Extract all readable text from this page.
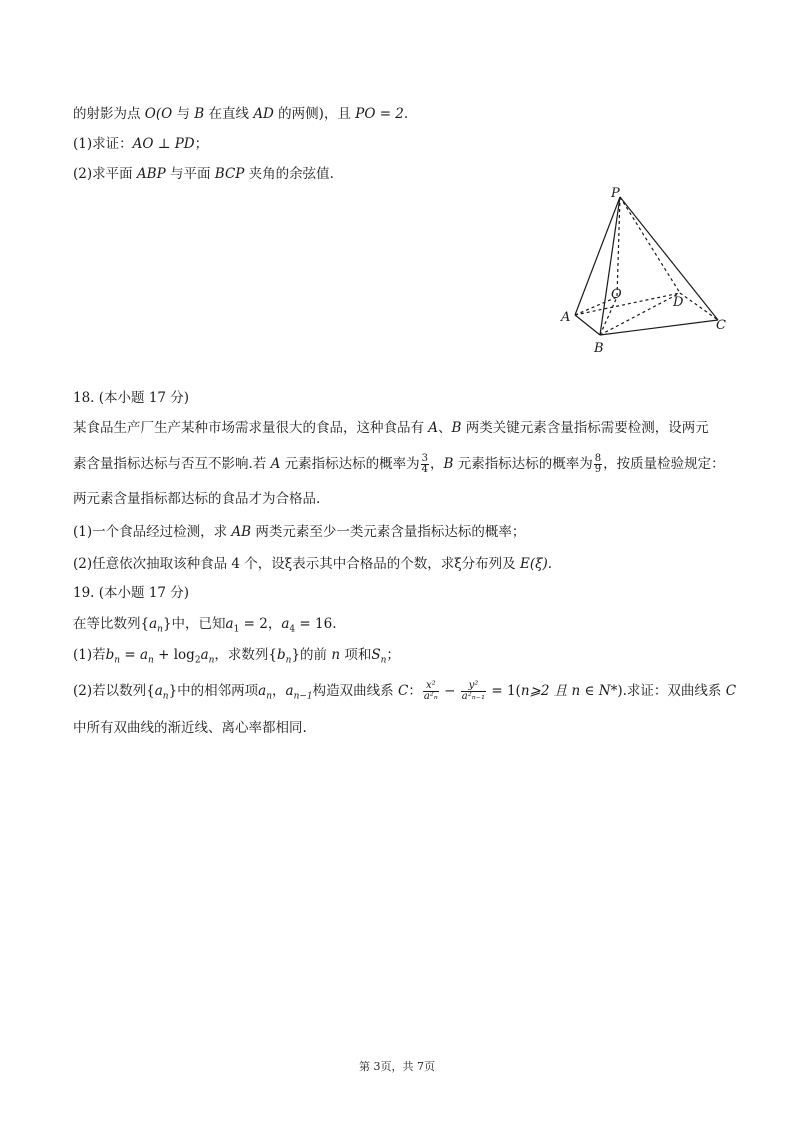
的射影为点 O(O 与 B 在直线 AD 的两侧)，且 PO = 2.
(1)求证：AO ⊥ PD；
(2)求平面 ABP 与平面 BCP 夹角的余弦值.
P
O
D
A
B
C
18. (本小题 17 分)
某食品生产厂生产某种市场需求量很大的食品，这种食品有 A、B 两类关键元素含量指标需要检测，设两元
素含量指标达标与否互不影响.若 A 元素指标达标的概率为 $\frac{3}{4}$ ，B 元素指标达标的概率为 $\frac{8}{9}$ ，按质量检验规定：
两元素含量指标都达标的食品才为合格品.
(1)一个食品经过检测，求 AB 两类元素至少一类元素含量指标达标的概率；
(2)任意依次抽取该种食品 4 个，设ξ表示其中合格品的个数，求ξ分布列及 E(ξ).
19. (本小题 17 分)
在等比数列$\{a_n\}$中，已知$a_1 = 2$，$a_4 = 16$.
(1)若$b_n = a_n + \log_2a_n$，求数列$\{b_n\}$的前 n 项和$S_n$；
(2)若以数列$\{a_n\}$中的相邻两项$a_n$，$a_{n-1}$构造双曲线系 C： $\frac{\text{x²}}{\text{a²ₙ}} - \frac{\text{y²}}{\text{a²ₙ₋₁}}$ = 1(n⩾2 且 n ∈ N*).求证：双曲线系 C
中所有双曲线的渐近线、离心率都相同.
第 3页，共 7页
